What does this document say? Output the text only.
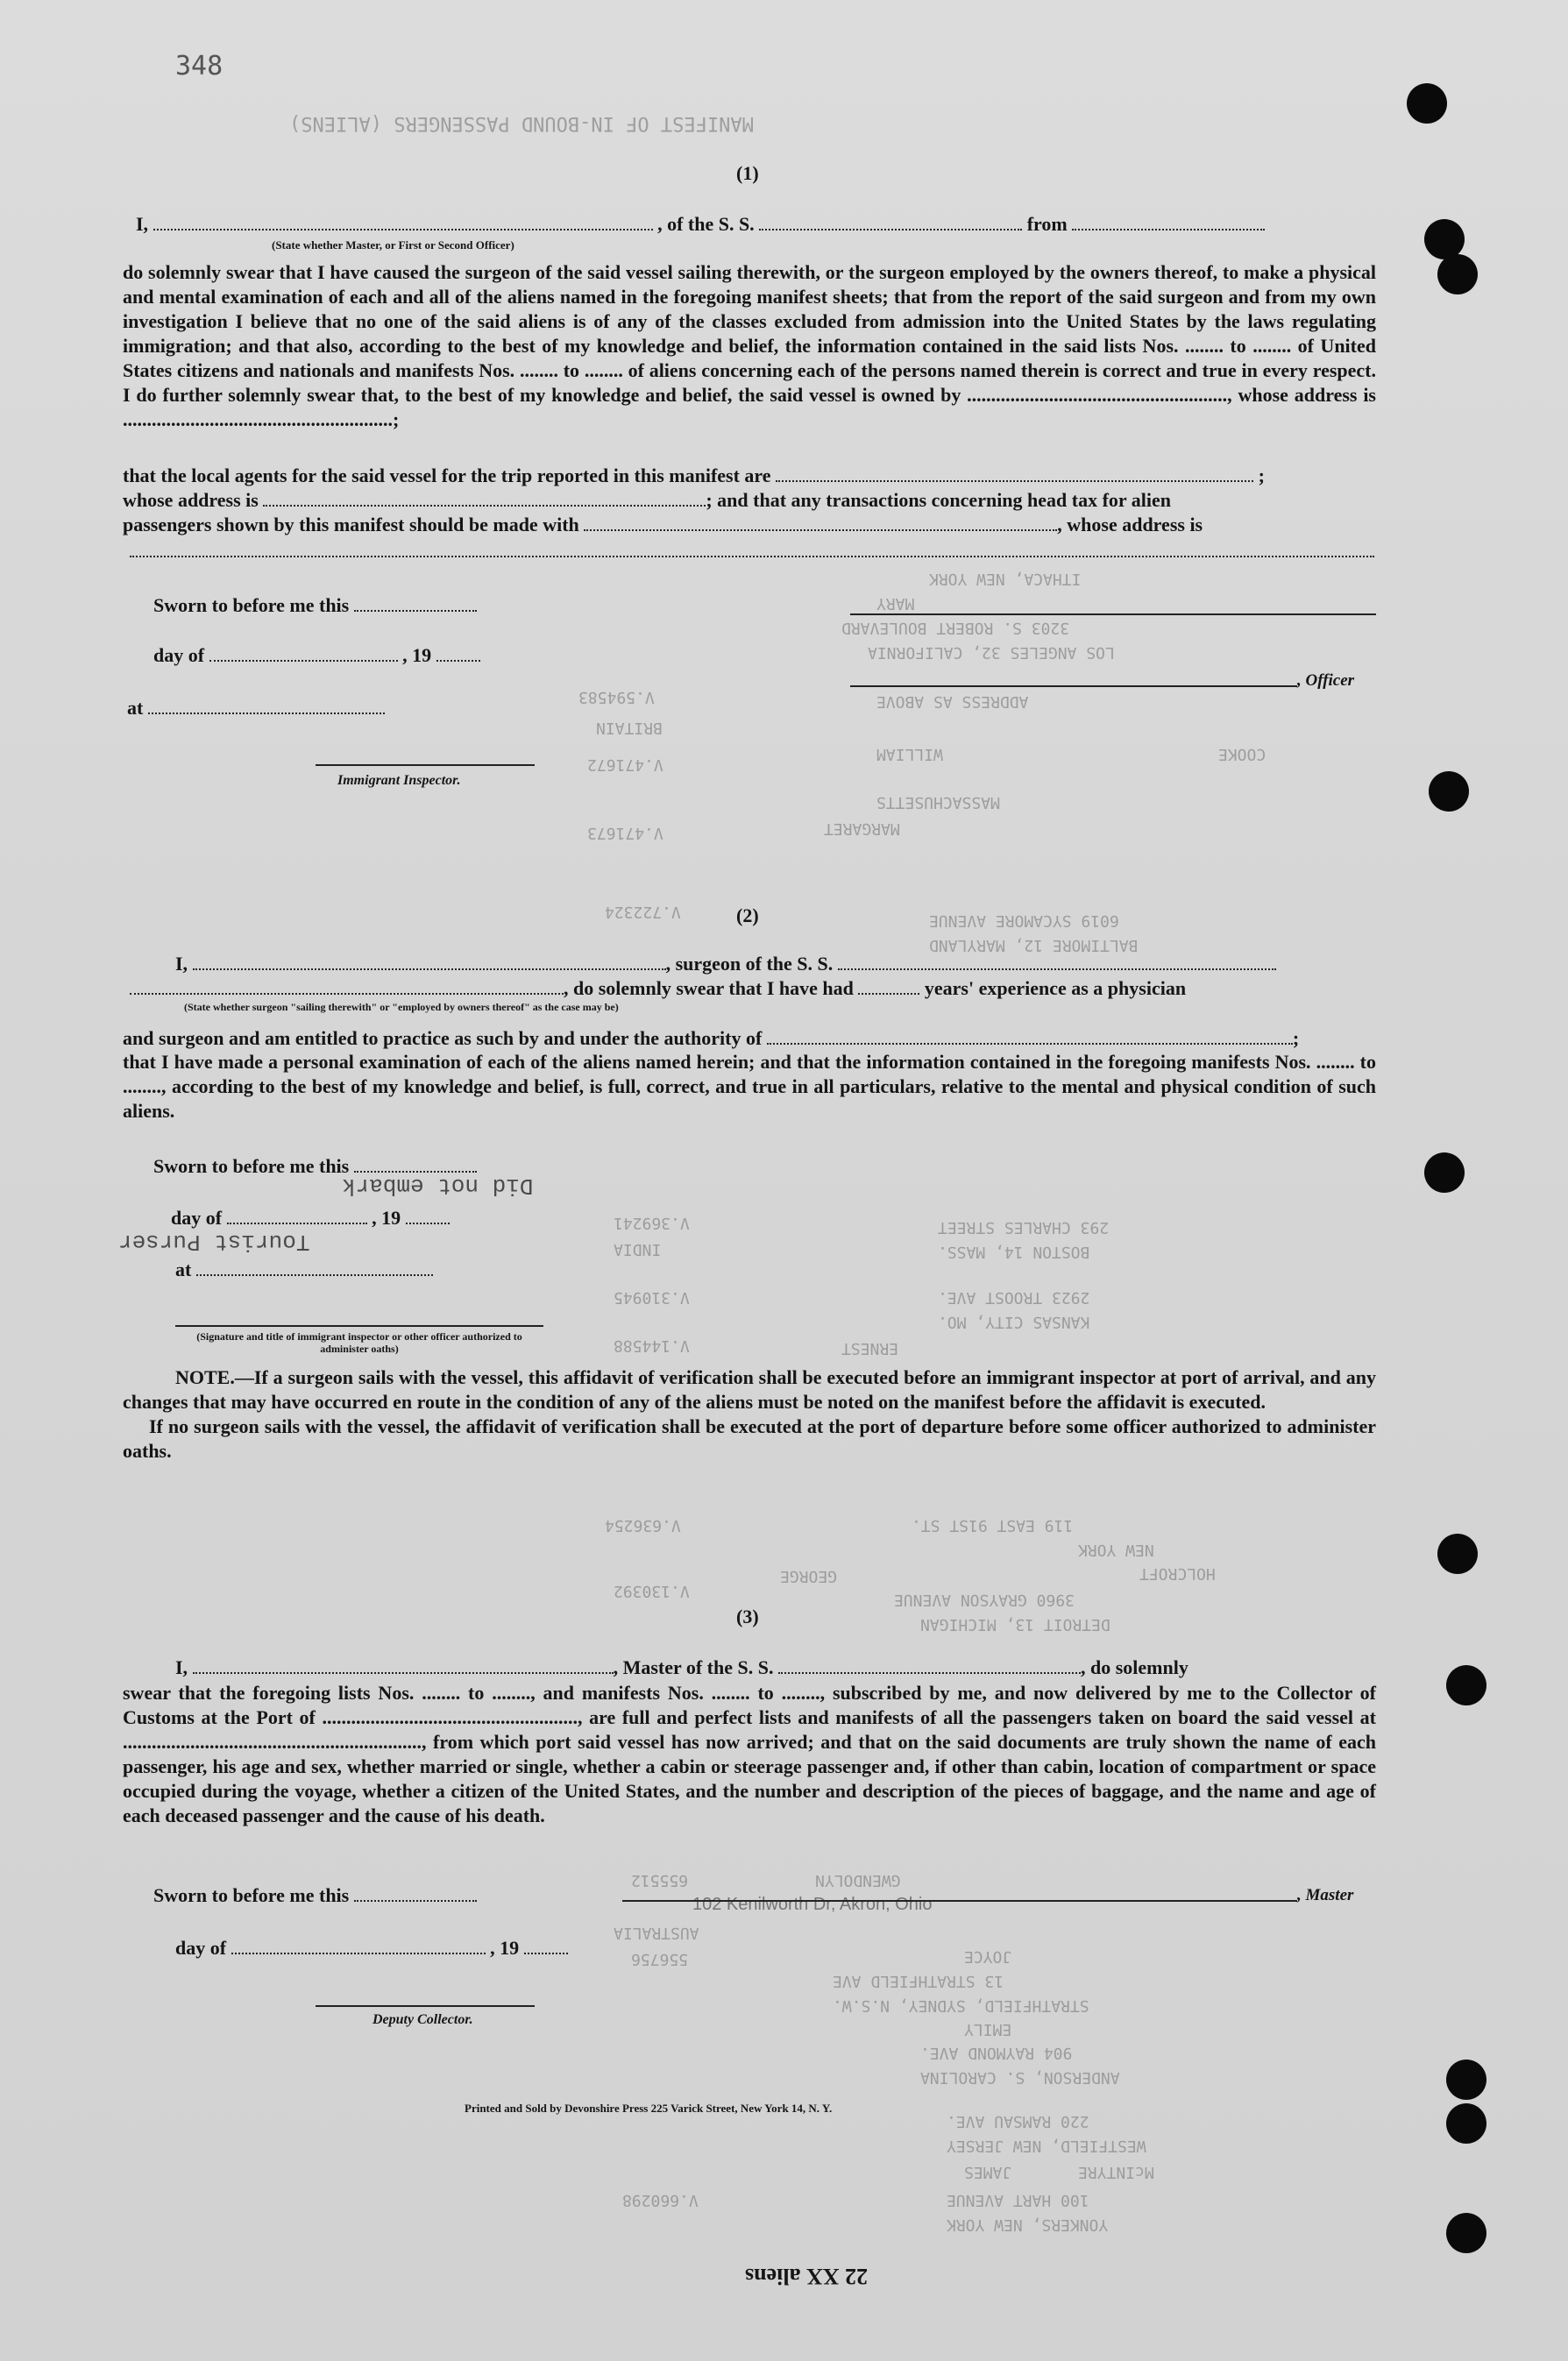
348
MANIFEST OF IN-BOUND PASSENGERS (ALIENS)
V.594583
BRITAIN
V.471672
V.471673
ITHACA, NEW YORK
MARY
3203 S. ROBERT BOULEVARD
LOS ANGELES 32, CALIFORNIA
ADDRESS AS ABOVE
COOKE
WILLIAM
MASSACHUSETTS
MARGARET
V.722324	6019 SYCAMORE AVENUE
BALTIMORE 12, MARYLAND
V.369241
INDIA
293 CHARLES STREET
BOSTON 14, MASS.
V.310945	2923 TROOST AVE.
KANSAS CITY, MO.
V.144588	ERNEST
V.636254	119 EAST 91ST ST.
NEW YORK
HOLCROFT
V.130392
GEORGE
3960 GRAYSON AVENUE
DETROIT 13, MICHIGAN
655512	GWENDOLYN
102 Kenilworth Dr, Akron, Ohio
AUSTRALIA
556756	JOYCE
13 STRATHFIELD AVE
STRATHFIELD, SYDNEY, N.S.W.
EMILY
904 RAYMOND AVE.
ANDERSON, S. CAROLINA
220 RAMSAU AVE.
WESTFIELD, NEW JERSEY
V.660298
JAMES	McINTYRE
100 HART AVENUE
YONKERS, NEW YORK
(1)
I,	, of the S. S.	from
(State whether Master, or First or Second Officer)

do solemnly swear that I have caused the surgeon of the said vessel sailing therewith, or the surgeon employed by the owners thereof, to make a physical and mental examination of each and all of the aliens named in the foregoing manifest sheets; that from the report of the said surgeon and from my own investigation I believe that no one of the said aliens is of any of the classes excluded from admission into the United States by the laws regulating immigration; and that also, according to the best of my knowledge and belief, the information contained in the said lists Nos. ........ to ........ of United States citizens and nationals and manifests Nos. ........ to ........ of aliens concerning each of the persons named therein is correct and true in every respect. I do further solemnly swear that, to the best of my knowledge and belief, the said vessel is owned by ......................................................, whose address is ........................................................;

that the local agents for the said vessel for the trip reported in this manifest are	;
whose address is	; and that any transactions concerning head tax for alien
passengers shown by this manifest should be made with	, whose address is
Sworn to before me this
day of	, 19
at
, Officer
Immigrant Inspector.
(2)
I,	, surgeon of the S. S.
, do solemnly swear that I have had	years' experience as a physician
(State whether surgeon "sailing therewith" or "employed by owners thereof" as the case may be)
and surgeon and am entitled to practice as such by and under the authority of	;

that I have made a personal examination of each of the aliens named herein; and that the information contained in the foregoing manifests Nos. ........ to ........, according to the best of my knowledge and belief, is full, correct, and true in all particulars, relative to the mental and physical condition of such aliens.

Sworn to before me this
Did not embark
day of	, 19
Tourist Purser
at
(Signature and title of immigrant inspector or other officer authorized to administer oaths)

NOTE.—If a surgeon sails with the vessel, this affidavit of verification shall be executed before an immigrant inspector at port of arrival, and any changes that may have occurred en route in the condition of any of the aliens must be noted on the manifest before the affidavit is executed.

If no surgeon sails with the vessel, the affidavit of verification shall be executed at the port of departure before some officer authorized to administer oaths.

(3)
I,	, Master of the S. S.	, do solemnly

swear that the foregoing lists Nos. ........ to ........, and manifests Nos. ........ to ........, subscribed by me, and now delivered by me to the Collector of Customs at the Port of ....................................................., are full and perfect lists and manifests of all the passengers taken on board the said vessel at .............................................................., from which port said vessel has now arrived; and that on the said documents are truly shown the name of each passenger, his age and sex, whether married or single, whether a cabin or steerage passenger and, if other than cabin, location of compartment or space occupied during the voyage, whether a citizen of the United States, and the number and description of the pieces of baggage, and the name and age of each deceased passenger and the cause of his death.

Sworn to before me this	, Master
day of	, 19
Deputy Collector.
Printed and Sold by Devonshire Press 225 Varick Street, New York 14, N. Y.
22 XX aliens
